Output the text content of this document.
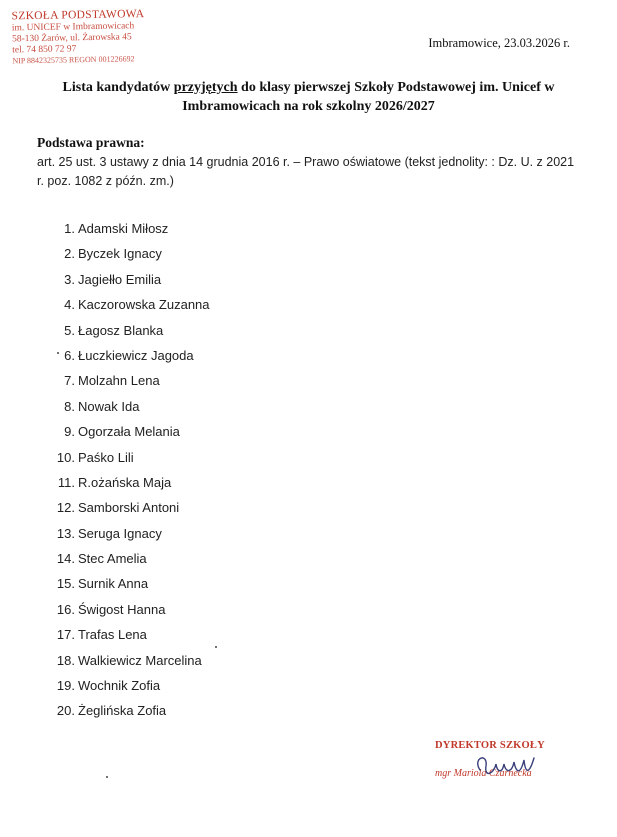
SZKOŁA PODSTAWOWA
im. UNICEF w Imbramowicach
58-130 Żarów, ul. Żarowska 45
tel. 74 850 72 97
NIP 8842325735 REGON 001226692
Imbramowice, 23.03.2026 r.
Lista kandydatów przyjętych do klasy pierwszej Szkoły Podstawowej im. Unicef w
Imbramowicach na rok szkolny 2026/2027
Podstawa prawna:
art. 25 ust. 3 ustawy z dnia 14 grudnia 2016 r. – Prawo oświatowe (tekst jednolity: : Dz. U. z 2021 r. poz. 1082 z późn. zm.)
1. Adamski Miłosz
2. Byczek Ignacy
3. Jagiełło Emilia
4. Kaczorowska Zuzanna
5. Łagosz Blanka
6. Łuczkiewicz Jagoda
7. Molzahn Lena
8. Nowak Ida
9. Ogorzała Melania
10. Paśko Lili
11. R.ożańska Maja
12. Samborski Antoni
13. Seruga Ignacy
14. Stec Amelia
15. Surnik Anna
16. Świgost Hanna
17. Trafas Lena
18. Walkiewicz Marcelina
19. Wochnik Zofia
20. Żeglińska Zofia
DYREKTOR SZKOŁY
mgr Mariola Czarnecka
